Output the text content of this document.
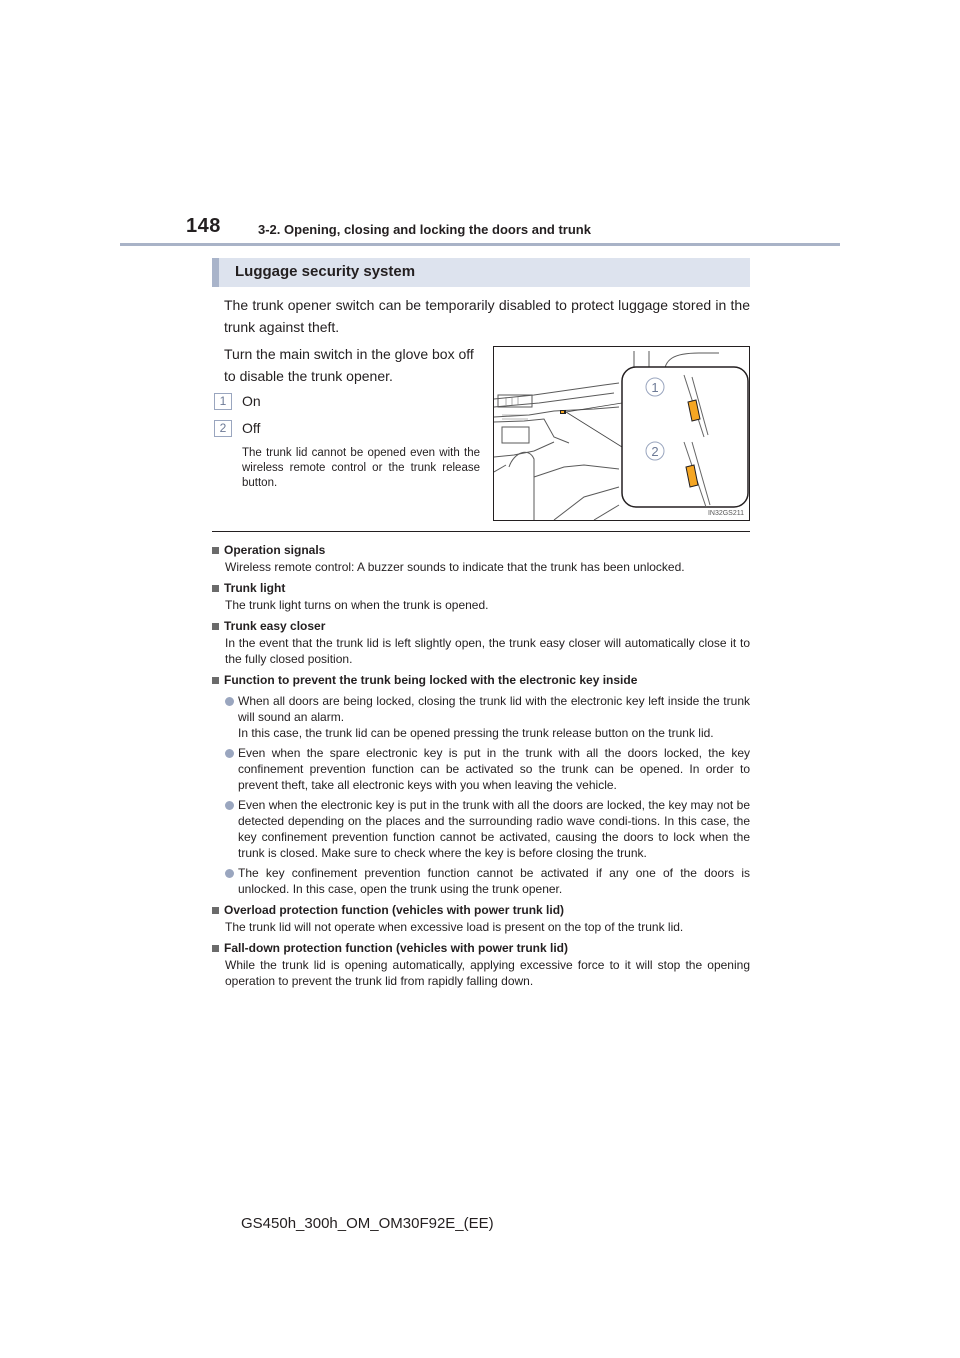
148	3-2. Opening, closing and locking the doors and trunk
Luggage security system
The trunk opener switch can be temporarily disabled to protect luggage stored in the trunk against theft.
Turn the main switch in the glove box off to disable the trunk opener.
1	On
2	Off
The trunk lid cannot be opened even with the wireless remote control or the trunk release button.
1
2
IN32GS211
Operation signals
Wireless remote control: A buzzer sounds to indicate that the trunk has been unlocked.
Trunk light
The trunk light turns on when the trunk is opened.
Trunk easy closer
In the event that the trunk lid is left slightly open, the trunk easy closer will automatically close it to the fully closed position.
Function to prevent the trunk being locked with the electronic key inside
When all doors are being locked, closing the trunk lid with the electronic key left inside the trunk will sound an alarm.
In this case, the trunk lid can be opened pressing the trunk release button on the trunk lid.
Even when the spare electronic key is put in the trunk with all the doors locked, the key confinement prevention function can be activated so the trunk can be opened. In order to prevent theft, take all electronic keys with you when leaving the vehicle.
Even when the electronic key is put in the trunk with all the doors are locked, the key may not be detected depending on the places and the surrounding radio wave condi-tions. In this case, the key confinement prevention function cannot be activated, causing the doors to lock when the trunk is closed. Make sure to check where the key is before closing the trunk.
The key confinement prevention function cannot be activated if any one of the doors is unlocked. In this case, open the trunk using the trunk opener.
Overload protection function (vehicles with power trunk lid)
The trunk lid will not operate when excessive load is present on the top of the trunk lid.
Fall-down protection function (vehicles with power trunk lid)
While the trunk lid is opening automatically, applying excessive force to it will stop the opening operation to prevent the trunk lid from rapidly falling down.
GS450h_300h_OM_OM30F92E_(EE)
